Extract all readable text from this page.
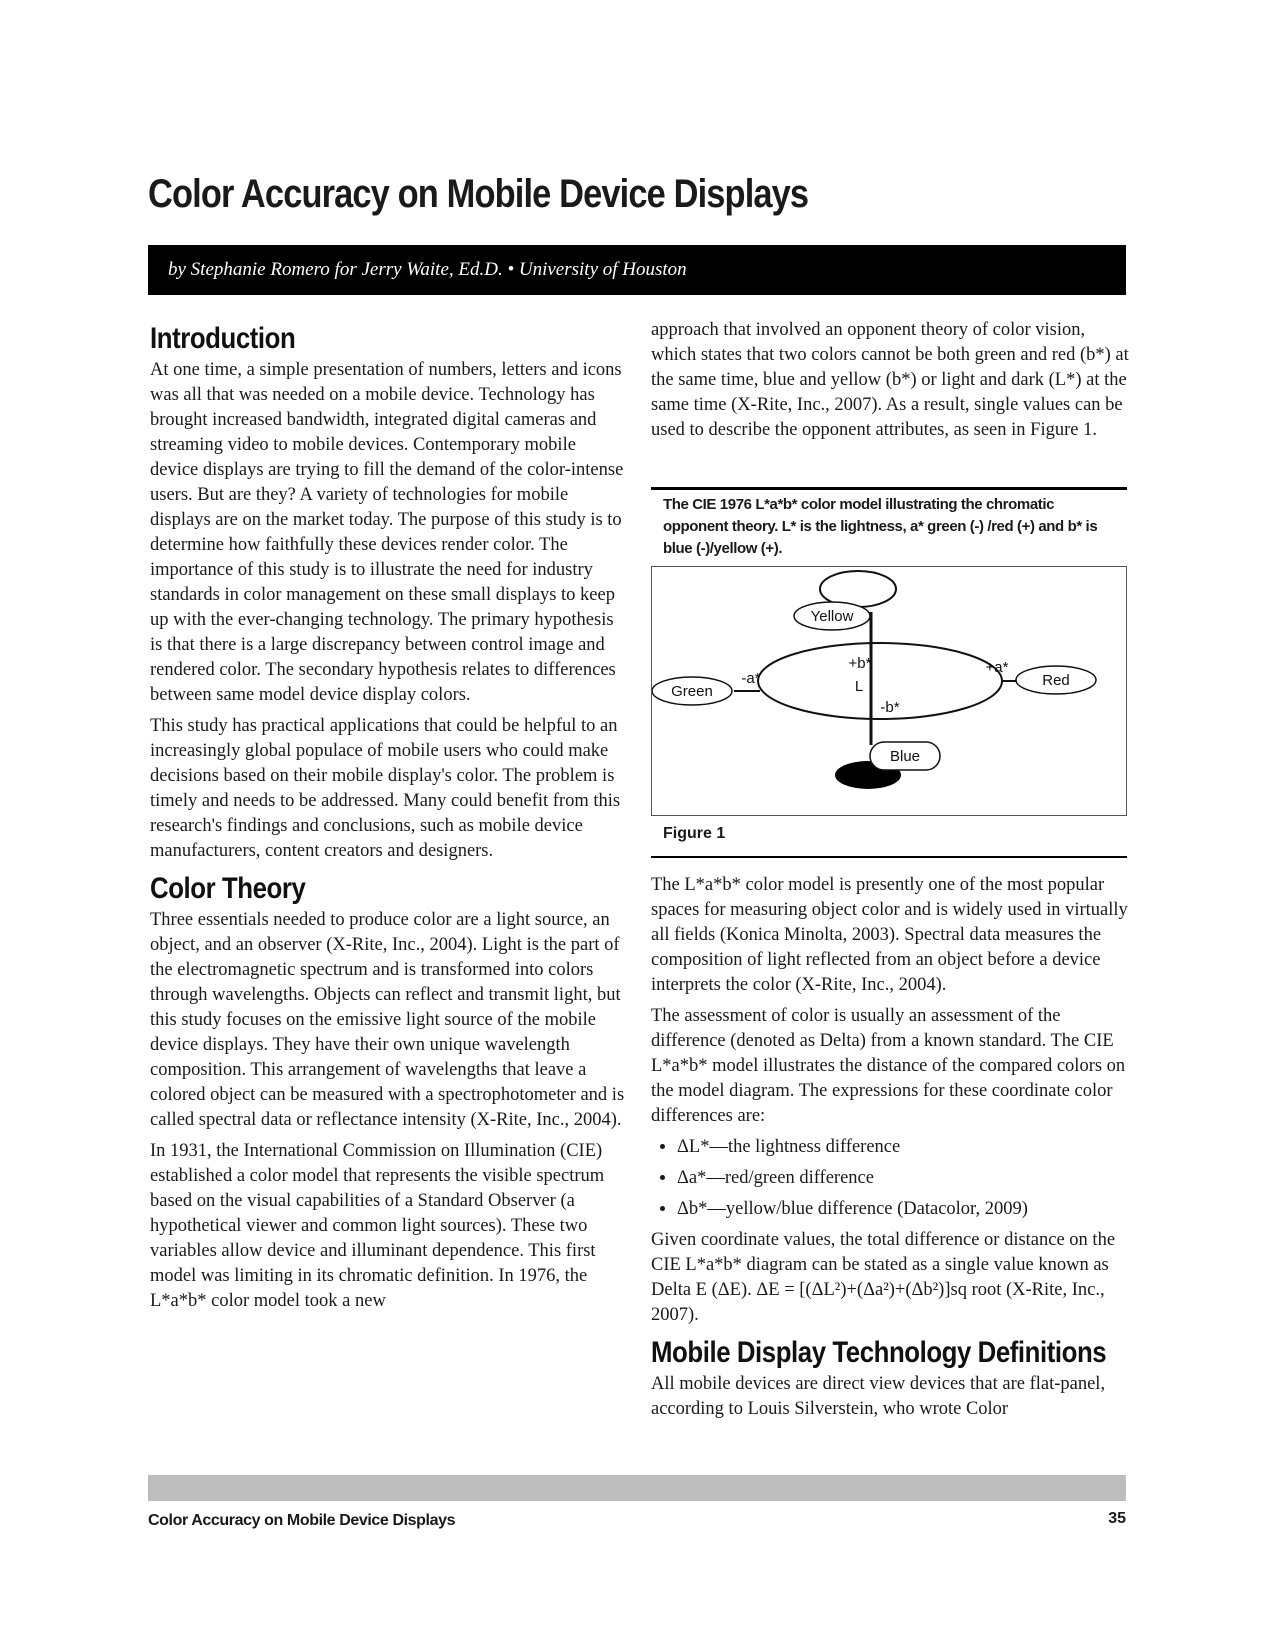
Color Accuracy on Mobile Device Displays
by Stephanie Romero for Jerry Waite, Ed.D. • University of Houston
Introduction

At one time, a simple presentation of numbers, letters and icons was all that was needed on a mobile device. Technology has brought increased bandwidth, integrated digital cameras and streaming video to mobile devices. Contemporary mobile device displays are trying to fill the demand of the color-intense users. But are they? A variety of technologies for mobile displays are on the market today. The purpose of this study is to determine how faithfully these devices render color. The importance of this study is to illustrate the need for industry standards in color management on these small displays to keep up with the ever-changing technology. The primary hypothesis is that there is a large discrepancy between control image and rendered color. The secondary hypothesis relates to differences between same model device display colors.

This study has practical applications that could be helpful to an increasingly global populace of mobile users who could make decisions based on their mobile display's color. The problem is timely and needs to be addressed. Many could benefit from this research's findings and conclusions, such as mobile device manufacturers, content creators and designers.

Color Theory

Three essentials needed to produce color are a light source, an object, and an observer (X-Rite, Inc., 2004). Light is the part of the electromagnetic spectrum and is transformed into colors through wavelengths. Objects can reflect and transmit light, but this study focuses on the emissive light source of the mobile device displays. They have their own unique wavelength composition. This arrangement of wavelengths that leave a colored object can be measured with a spectrophotometer and is called spectral data or reflectance intensity (X-Rite, Inc., 2004).

In 1931, the International Commission on Illumination (CIE) established a color model that represents the visible spectrum based on the visual capabilities of a Standard Observer (a hypothetical viewer and common light sources). These two variables allow device and illuminant dependence. This first model was limiting in its chromatic definition. In 1976, the L*a*b* color model took a new

approach that involved an opponent theory of color vision, which states that two colors cannot be both green and red (b*) at the same time, blue and yellow (b*) or light and dark (L*) at the same time (X-Rite, Inc., 2007). As a result, single values can be used to describe the opponent attributes, as seen in Figure 1.

The CIE 1976 L*a*b* color model illustrating the chromatic opponent theory. L* is the lightness, a* green (-) /red (+) and b* is blue (-)/yellow (+).
Yellow
Green
Red
Blue
+b*
-b*
+a*
-a*	L
Figure 1

The L*a*b* color model is presently one of the most popular spaces for measuring object color and is widely used in virtually all fields (Konica Minolta, 2003). Spectral data measures the composition of light reflected from an object before a device interprets the color (X-Rite, Inc., 2004).

The assessment of color is usually an assessment of the difference (denoted as Delta) from a known standard. The CIE L*a*b* model illustrates the distance of the compared colors on the model diagram. The expressions for these coordinate color differences are:

• ΔL*—the lightness difference
• Δa*—red/green difference
• Δb*—yellow/blue difference (Datacolor, 2009)

Given coordinate values, the total difference or distance on the CIE L*a*b* diagram can be stated as a single value known as Delta E (ΔE). ΔE = [(ΔL²)+(Δa²)+(Δb²)]sq root (X-Rite, Inc., 2007).

Mobile Display Technology Definitions

All mobile devices are direct view devices that are flat-panel, according to Louis Silverstein, who wrote Color

Color Accuracy on Mobile Device Displays	35
